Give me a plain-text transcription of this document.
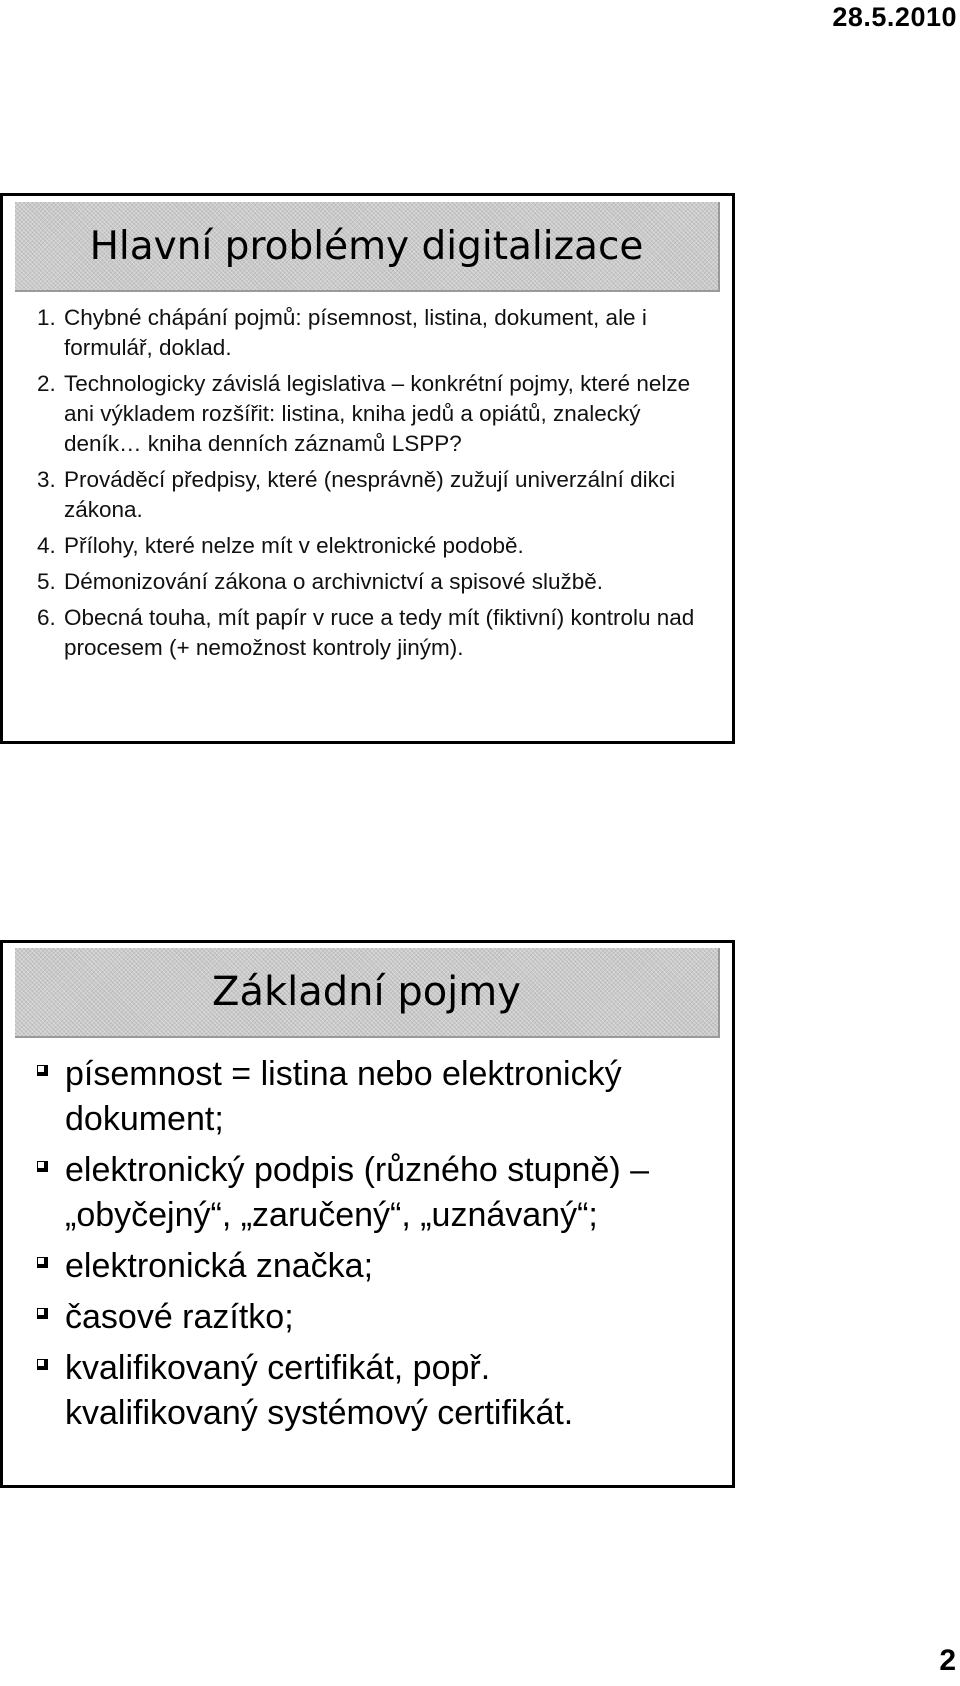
28.5.2010
Hlavní problémy digitalizace
1. Chybné chápání pojmů: písemnost, listina, dokument, ale i formulář, doklad.
2. Technologicky závislá legislativa – konkrétní pojmy, které nelze ani výkladem rozšířit: listina, kniha jedů a opiátů, znalecký deník… kniha denních záznamů LSPP?
3. Prováděcí předpisy, které (nesprávně) zužují univerzální dikci zákona.
4. Přílohy, které nelze mít v elektronické podobě.
5. Démonizování zákona o archivnictví a spisové službě.
6. Obecná touha, mít papír v ruce a tedy mít (fiktivní) kontrolu nad procesem (+ nemožnost kontroly jiným).
Základní pojmy
písemnost = listina nebo elektronický dokument;
elektronický podpis (různého stupně) – „obyčejný“, „zaručený“, „uznávaný“;
elektronická značka;
časové razítko;
kvalifikovaný certifikát, popř. kvalifikovaný systémový certifikát.
2
